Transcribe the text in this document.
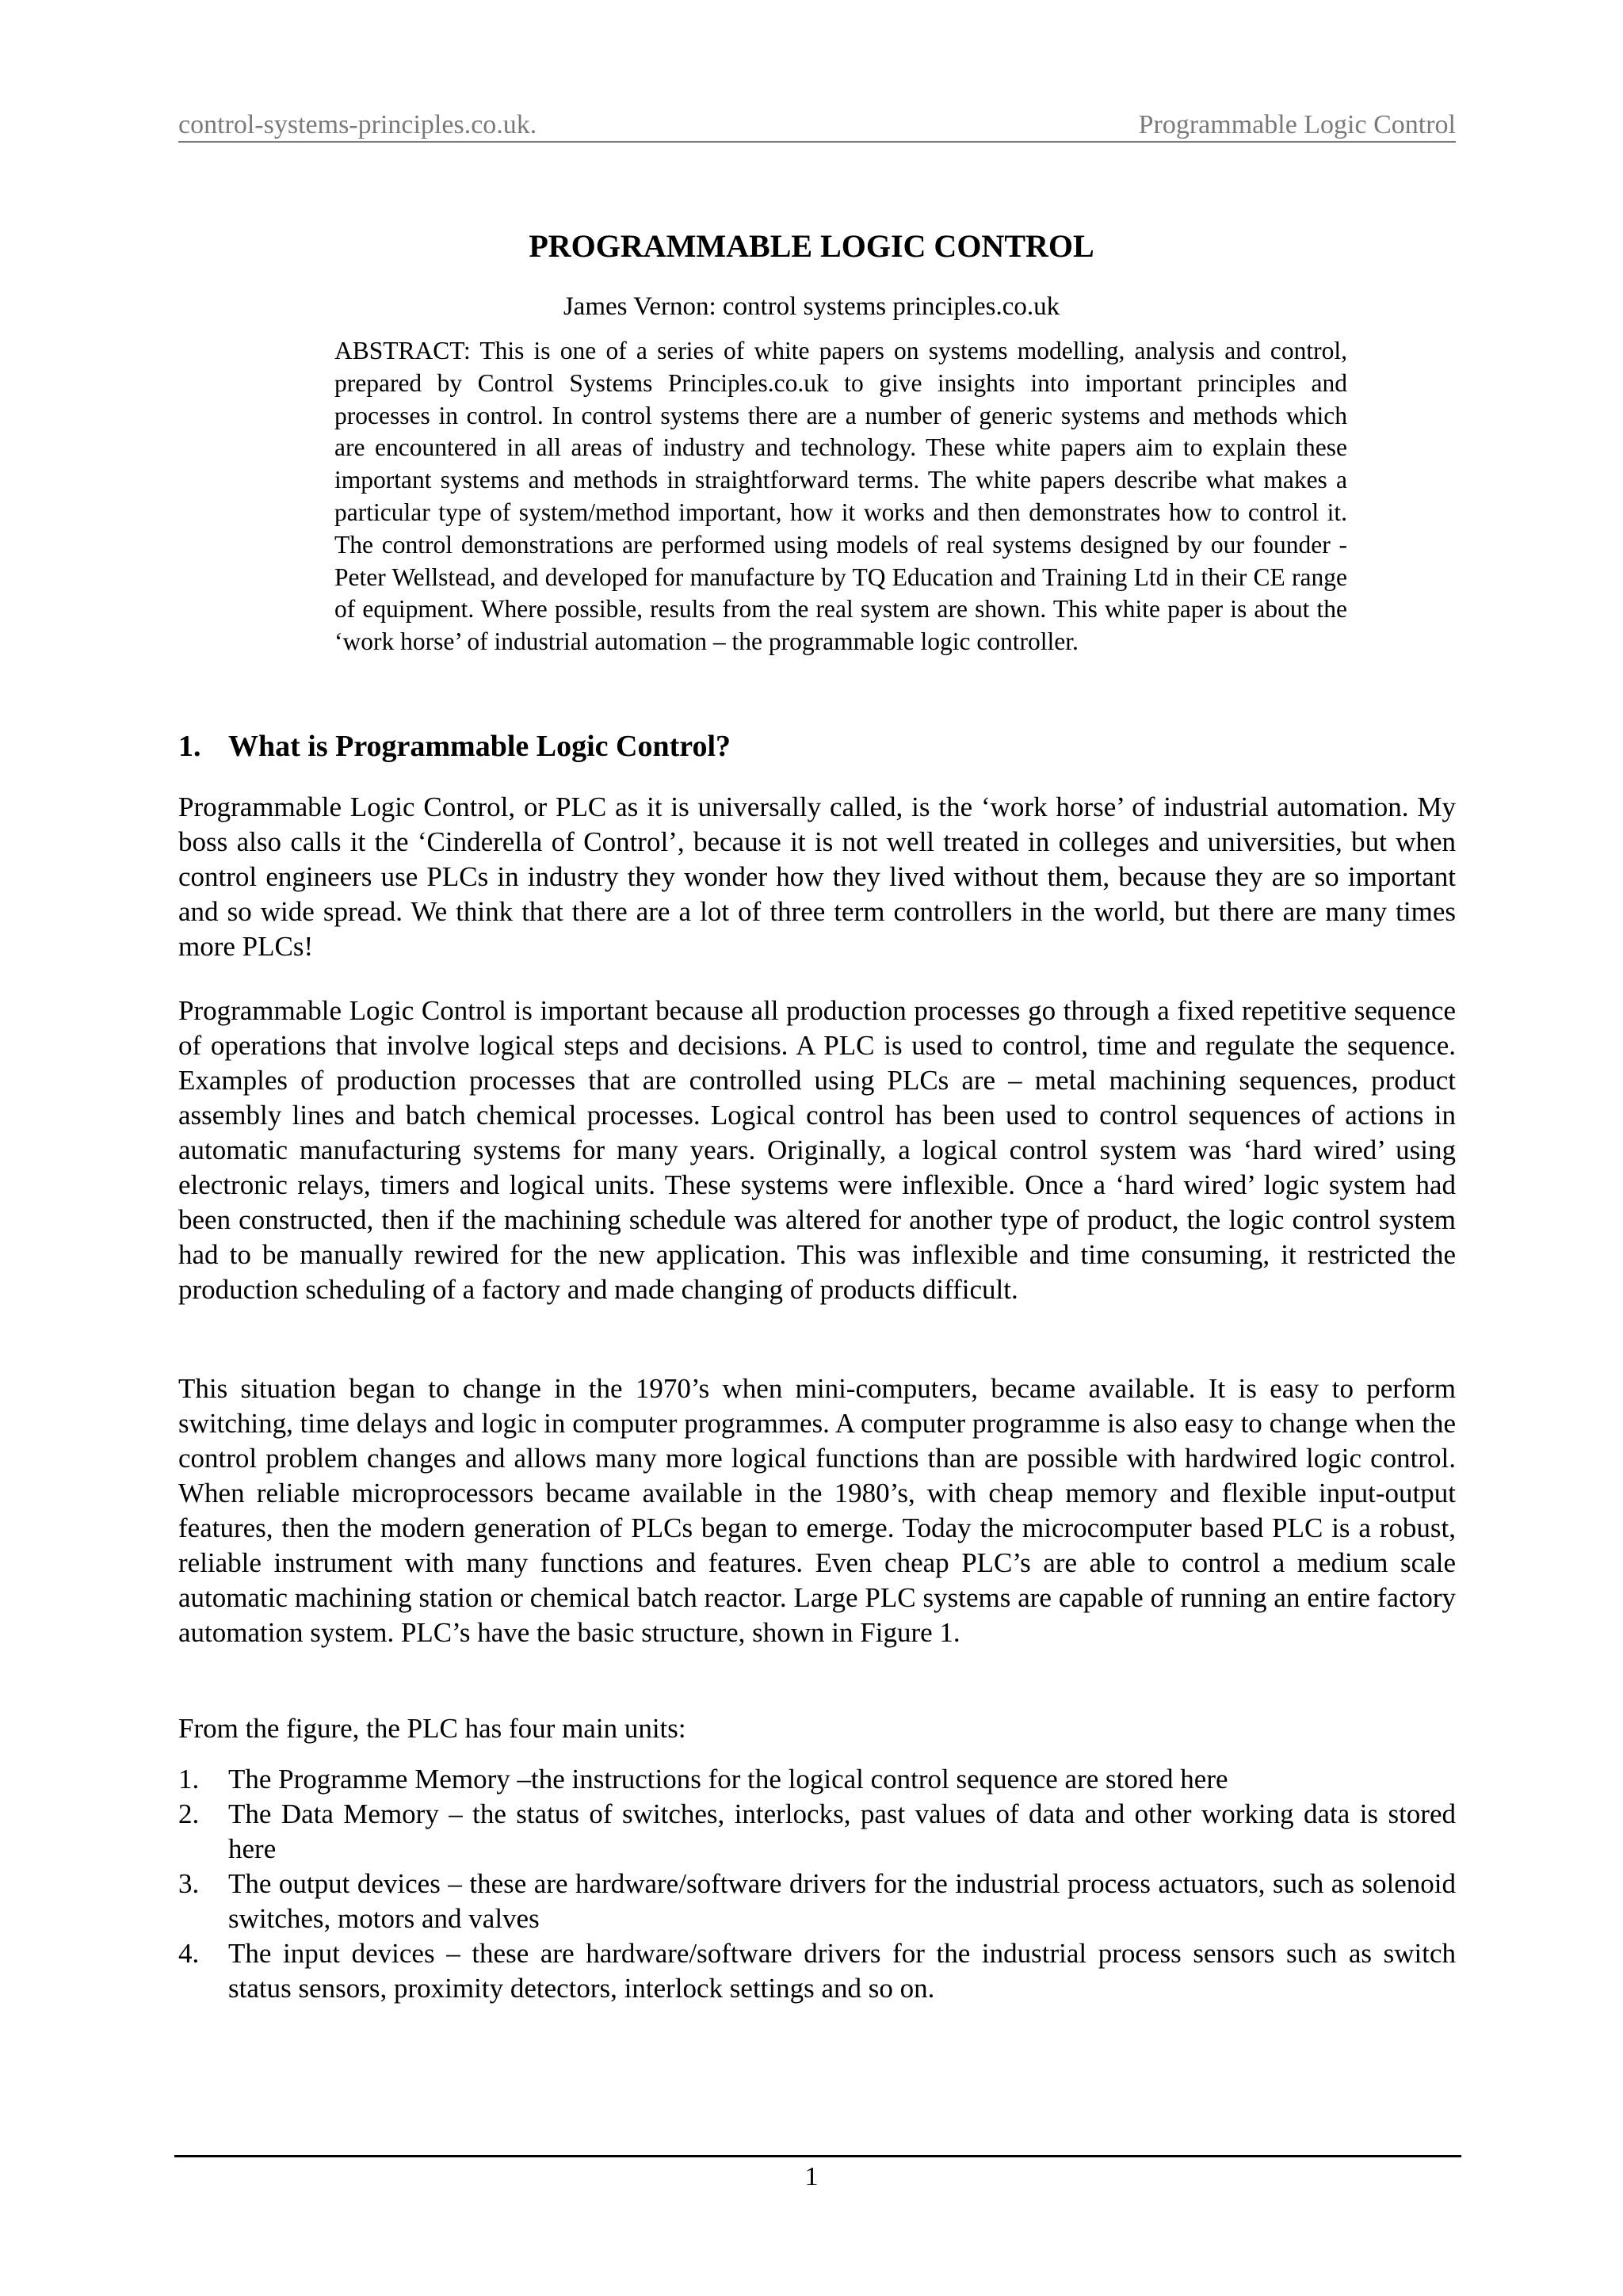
control-systems-principles.co.uk.	Programmable Logic Control
PROGRAMMABLE LOGIC CONTROL
James Vernon: control systems principles.co.uk
ABSTRACT: This is one of a series of white papers on systems modelling, analysis and control, prepared by Control Systems Principles.co.uk to give insights into important principles and processes in control. In control systems there are a number of generic systems and methods which are encountered in all areas of industry and technology. These white papers aim to explain these important systems and methods in straightforward terms. The white papers describe what makes a particular type of system/method important, how it works and then demonstrates how to control it. The control demonstrations are performed using models of real systems designed by our founder - Peter Wellstead, and developed for manufacture by TQ Education and Training Ltd in their CE range of equipment. Where possible, results from the real system are shown. This white paper is about the ‘work horse’ of industrial automation – the programmable logic controller.
1. What is Programmable Logic Control?

Programmable Logic Control, or PLC as it is universally called, is the ‘work horse’ of industrial automation. My boss also calls it the ‘Cinderella of Control’, because it is not well treated in colleges and universities, but when control engineers use PLCs in industry they wonder how they lived without them, because they are so important and so wide spread. We think that there are a lot of three term controllers in the world, but there are many times more PLCs!

Programmable Logic Control is important because all production processes go through a fixed repetitive sequence of operations that involve logical steps and decisions. A PLC is used to control, time and regulate the sequence. Examples of production processes that are controlled using PLCs are – metal machining sequences, product assembly lines and batch chemical processes. Logical control has been used to control sequences of actions in automatic manufacturing systems for many years. Originally, a logical control system was ‘hard wired’ using electronic relays, timers and logical units. These systems were inflexible. Once a ‘hard wired’ logic system had been constructed, then if the machining schedule was altered for another type of product, the logic control system had to be manually rewired for the new application. This was inflexible and time consuming, it restricted the production scheduling of a factory and made changing of products difficult.

This situation began to change in the 1970’s when mini-computers, became available. It is easy to perform switching, time delays and logic in computer programmes. A computer programme is also easy to change when the control problem changes and allows many more logical functions than are possible with hardwired logic control. When reliable microprocessors became available in the 1980’s, with cheap memory and flexible input-output features, then the modern generation of PLCs began to emerge. Today the microcomputer based PLC is a robust, reliable instrument with many functions and features. Even cheap PLC’s are able to control a medium scale automatic machining station or chemical batch reactor. Large PLC systems are capable of running an entire factory automation system. PLC’s have the basic structure, shown in Figure 1.

From the figure, the PLC has four main units:

1. The Programme Memory –the instructions for the logical control sequence are stored here
2. The Data Memory – the status of switches, interlocks, past values of data and other working data is stored here
3. The output devices – these are hardware/software drivers for the industrial process actuators, such as solenoid switches, motors and valves
4. The input devices – these are hardware/software drivers for the industrial process sensors such as switch status sensors, proximity detectors, interlock settings and so on.
1
